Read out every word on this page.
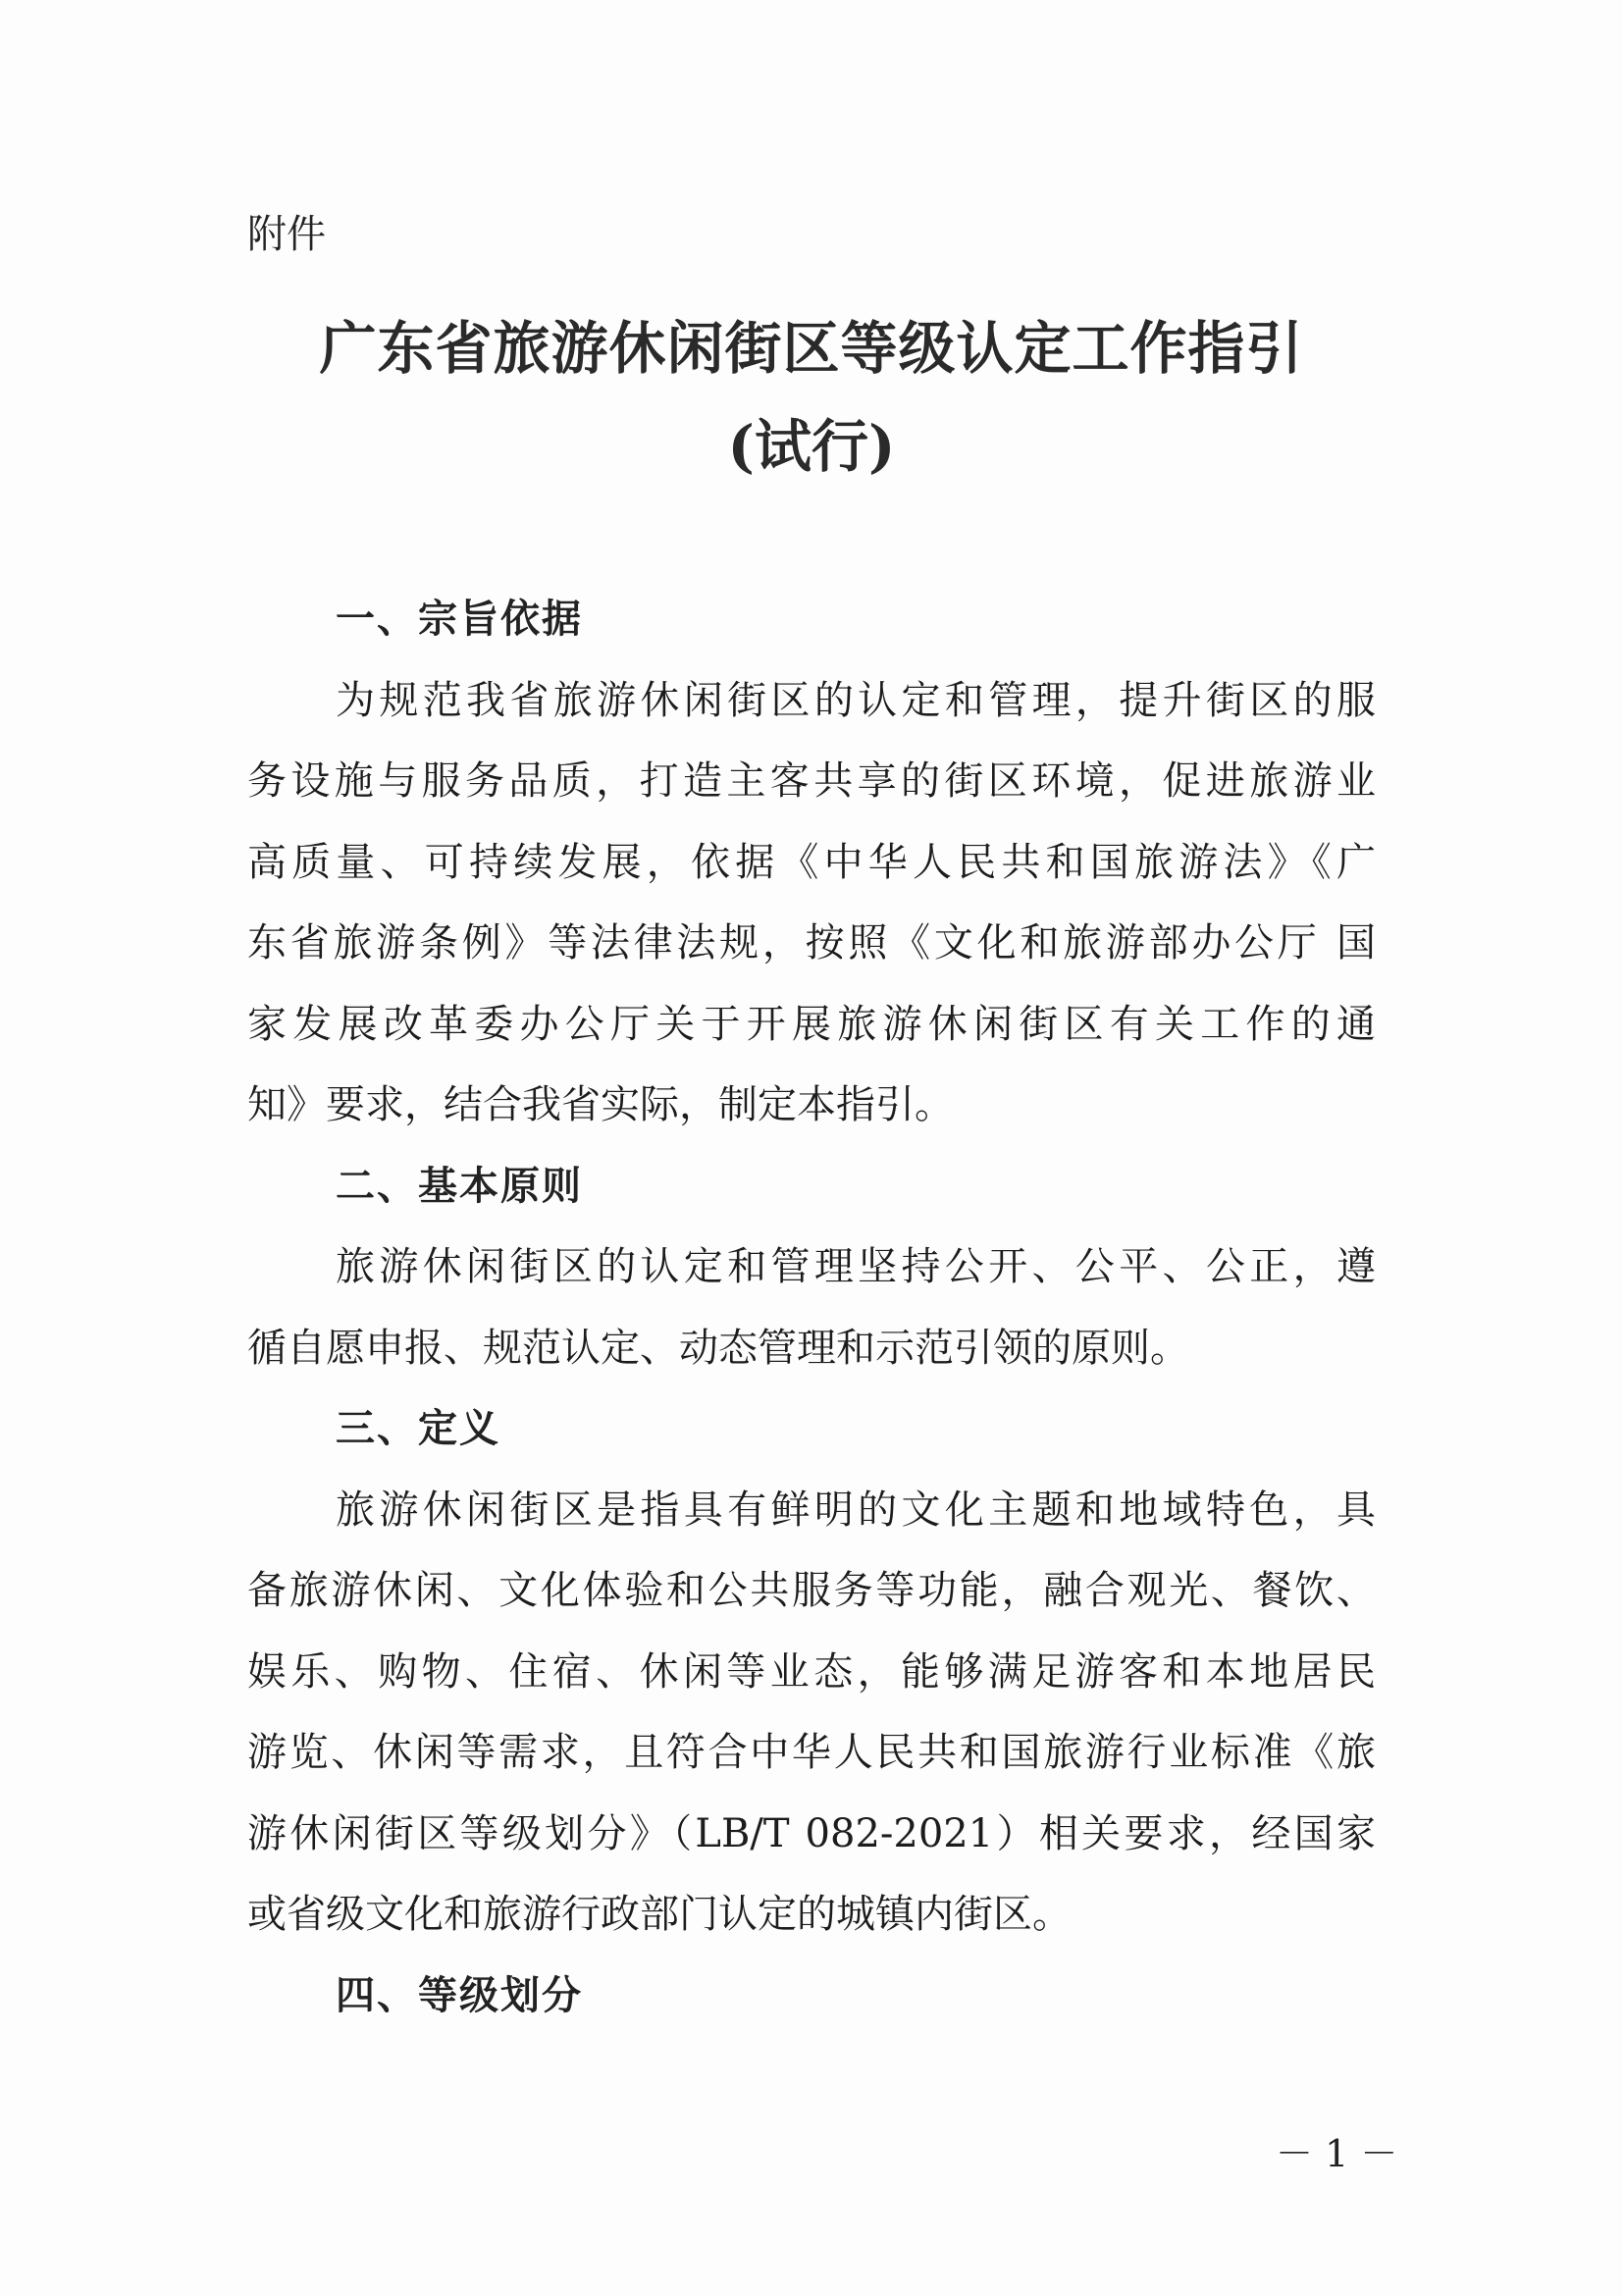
附件
广东省旅游休闲街区等级认定工作指引
(试行)
一、宗旨依据
为规范我省旅游休闲街区的认定和管理，提升街区的服
务设施与服务品质，打造主客共享的街区环境，促进旅游业
高质量、可持续发展，依据《中华人民共和国旅游法》《广
东省旅游条例》等法律法规，按照《文化和旅游部办公厅 国
家发展改革委办公厅关于开展旅游休闲街区有关工作的通
知》要求，结合我省实际，制定本指引。
二、基本原则
旅游休闲街区的认定和管理坚持公开、公平、公正，遵
循自愿申报、规范认定、动态管理和示范引领的原则。
三、定义
旅游休闲街区是指具有鲜明的文化主题和地域特色，具
备旅游休闲、文化体验和公共服务等功能，融合观光、餐饮、
娱乐、购物、住宿、休闲等业态，能够满足游客和本地居民
游览、休闲等需求，且符合中华人民共和国旅游行业标准《旅
游休闲街区等级划分》（LB/T 082-2021）相关要求，经国家
或省级文化和旅游行政部门认定的城镇内街区。
四、等级划分
－ 1 －
